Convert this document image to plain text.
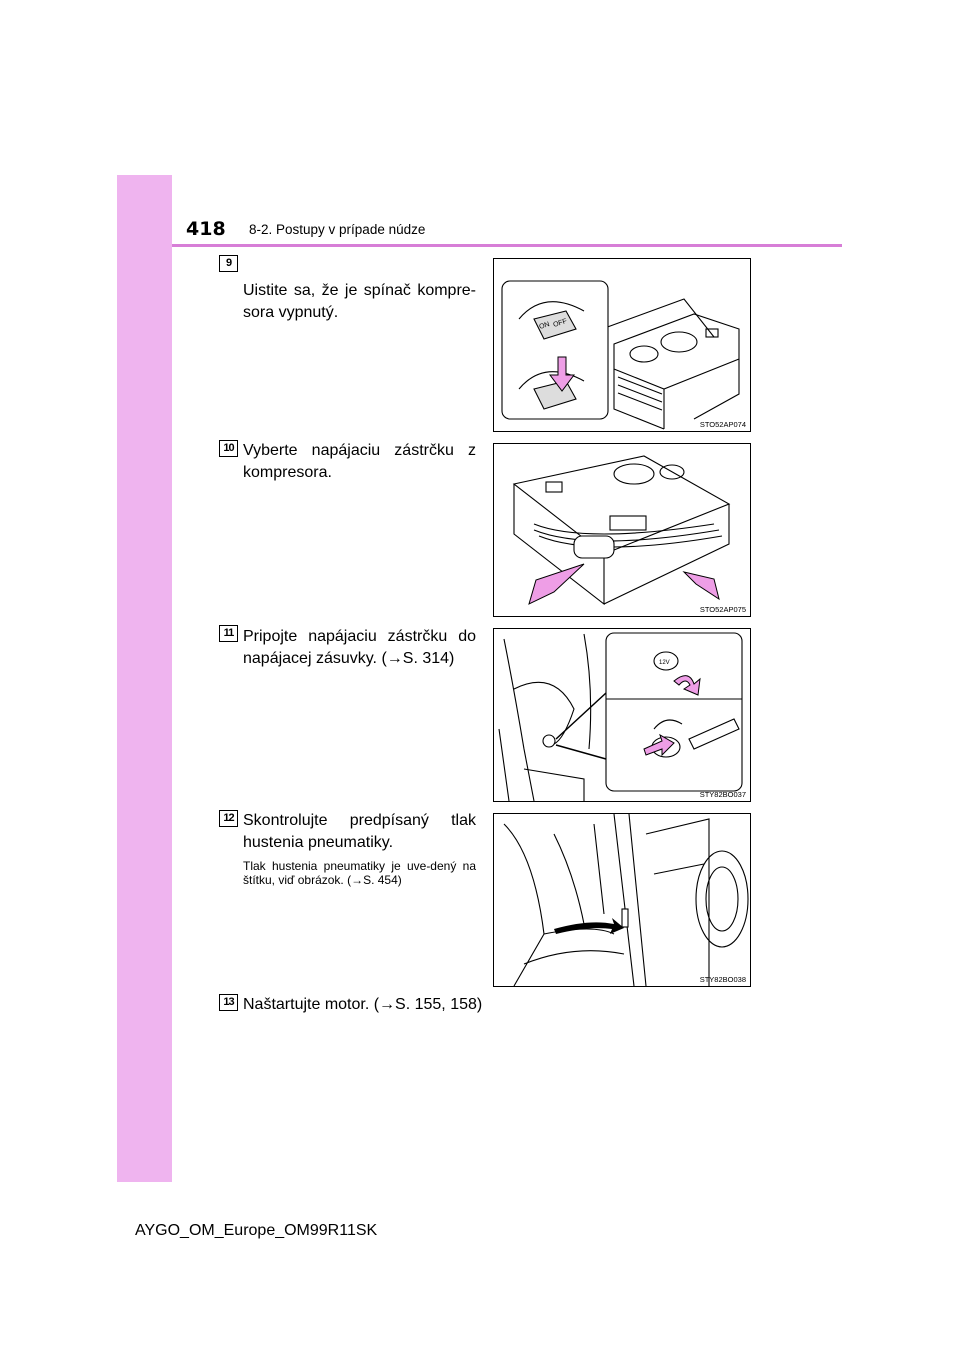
418 8-2. Postupy v prípade núdze
9
Uistite sa, že je spínač kompre-sora vypnutý.
ON OFF
STO52AP074
10 Vyberte napájaciu zástrčku z kompresora.
STO52AP075
11 Pripojte napájaciu zástrčku do napájacej zásuvky. (→S. 314)	12V
STY82BO037
12 Skontrolujte predpísaný tlak hustenia pneumatiky.
Tlak hustenia pneumatiky je uve-dený na štítku, viď obrázok. (→S. 454)
STY82BO038
13 Naštartujte motor. (→S. 155, 158)
AYGO_OM_Europe_OM99R11SK
